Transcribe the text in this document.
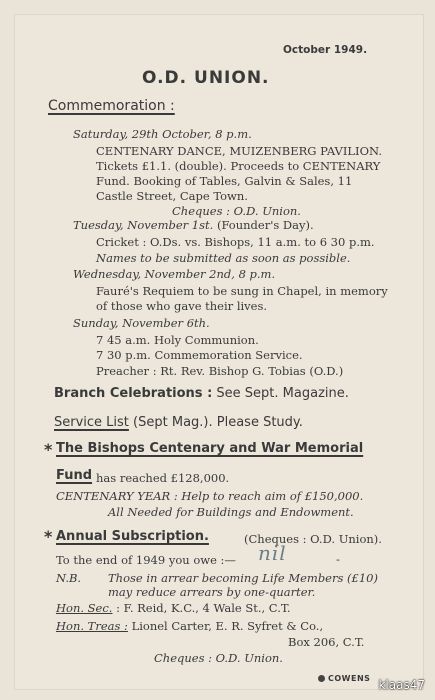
October 1949.
O.D. UNION.
Commemoration :
Saturday, 29th October, 8 p.m.
CENTENARY DANCE, MUIZENBERG PAVILION.
Tickets £1.1. (double). Proceeds to CENTENARY
Fund. Booking of Tables, Galvin & Sales, 11
Castle Street, Cape Town.
Cheques : O.D. Union.
Tuesday, November 1st. (Founder's Day).
Cricket : O.Ds. vs. Bishops, 11 a.m. to 6 30 p.m.
Names to be submitted as soon as possible.
Wednesday, November 2nd, 8 p.m.
Fauré's Requiem to be sung in Chapel, in memory
of those who gave their lives.
Sunday, November 6th.
7 45 a.m. Holy Communion.
7 30 p.m. Commemoration Service.
Preacher : Rt. Rev. Bishop G. Tobias (O.D.)
Branch Celebrations : See Sept. Magazine.
Service List (Sept Mag.). Please Study.
* The Bishops Centenary and War Memorial
Fund has reached £128,000.
CENTENARY YEAR : Help to reach aim of £150,000.
All Needed for Buildings and Endowment.
* Annual Subscription.	(Cheques : O.D. Union).
To the end of 1949 you owe :— nil	-
N.B. Those in arrear becoming Life Members (£10)
may reduce arrears by one-quarter.
Hon. Sec. : F. Reid, K.C., 4 Wale St., C.T.
Hon. Treas : Lionel Carter, E. R. Syfret & Co.,
Box 206, C.T.
Cheques : O.D. Union.
COWENS klaas47
